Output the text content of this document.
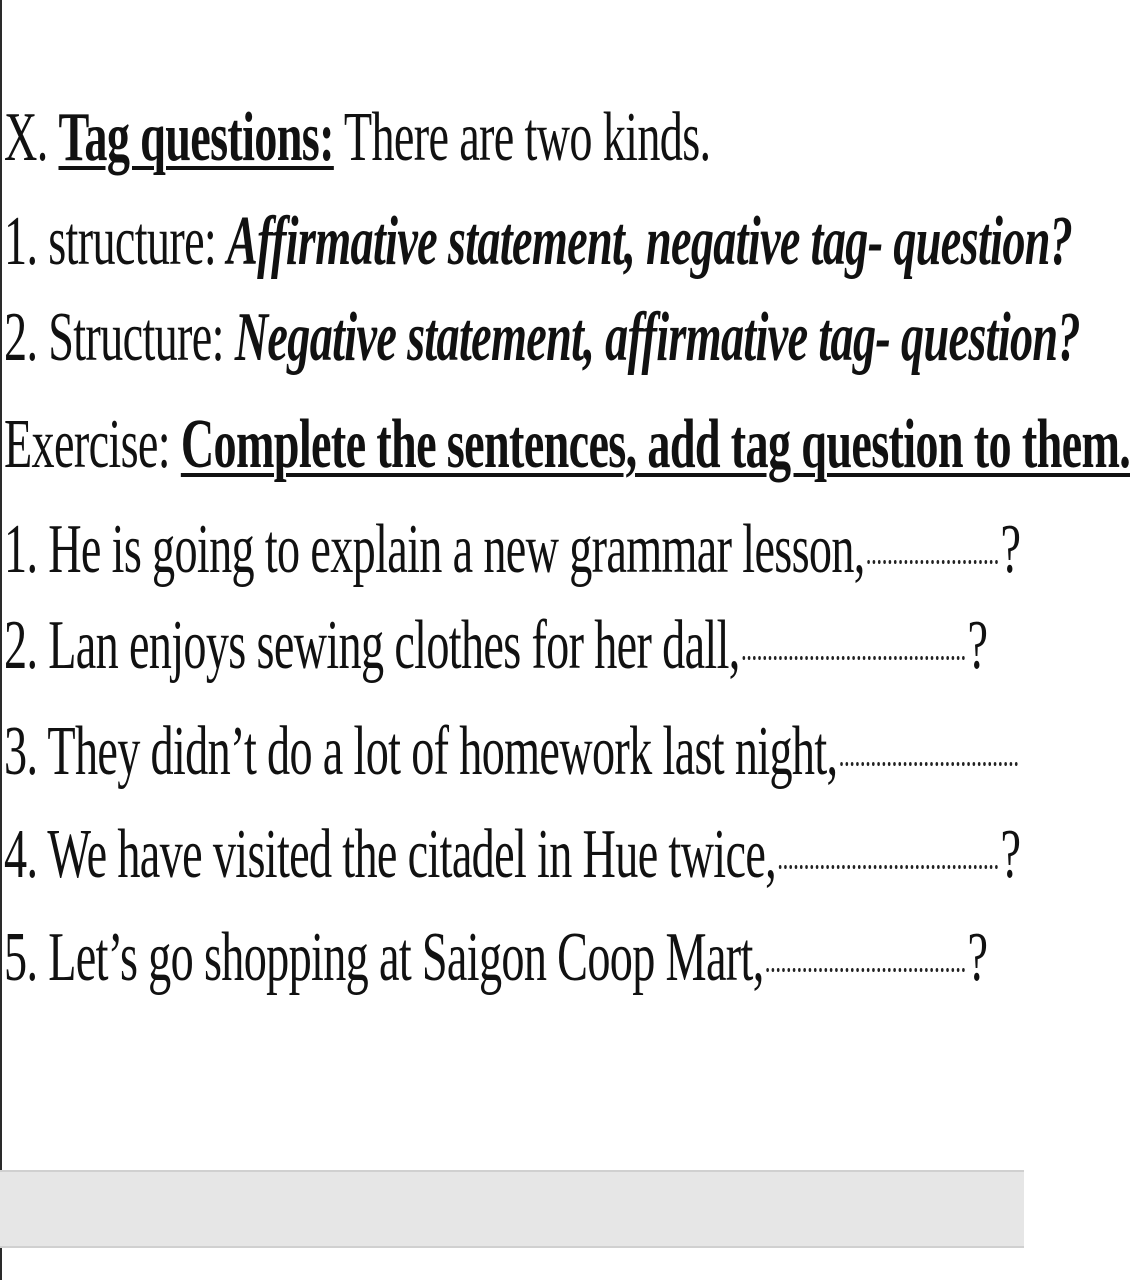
X. Tag questions: There are two kinds.
1. structure: Affirmative statement, negative tag- question?
2. Structure: Negative statement, affirmative tag- question?
Exercise: Complete the sentences, add tag question to them.
1. He is going to explain a new grammar lesson, ?
2. Lan enjoys sewing clothes for her dall,	?
3. They didn’t do a lot of homework last night,
4. We have visited the citadel in Hue twice,	?
5. Let’s go shopping at Saigon Coop Mart,	?
